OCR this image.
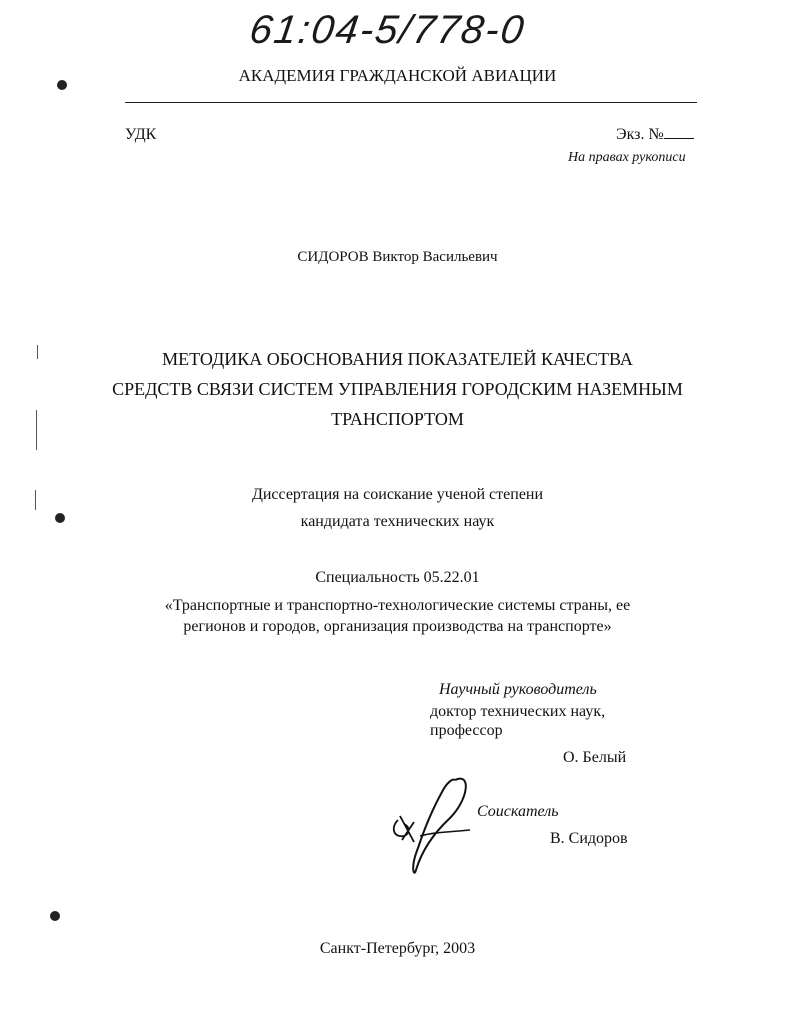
61:04-5/778-0
АКАДЕМИЯ ГРАЖДАНСКОЙ АВИАЦИИ
УДК	Экз. №
На правах рукописи
СИДОРОВ Виктор Васильевич
МЕТОДИКА ОБОСНОВАНИЯ ПОКАЗАТЕЛЕЙ КАЧЕСТВА
СРЕДСТВ СВЯЗИ СИСТЕМ УПРАВЛЕНИЯ ГОРОДСКИМ НАЗЕМНЫМ
ТРАНСПОРТОМ
Диссертация на соискание ученой степени
кандидата технических наук
Специальность 05.22.01
«Транспортные и транспортно-технологические системы страны, ее
регионов и городов, организация производства на транспорте»
Научный руководитель
доктор технических наук,
профессор
О. Белый
Соискатель
В. Сидоров
Санкт-Петербург, 2003
